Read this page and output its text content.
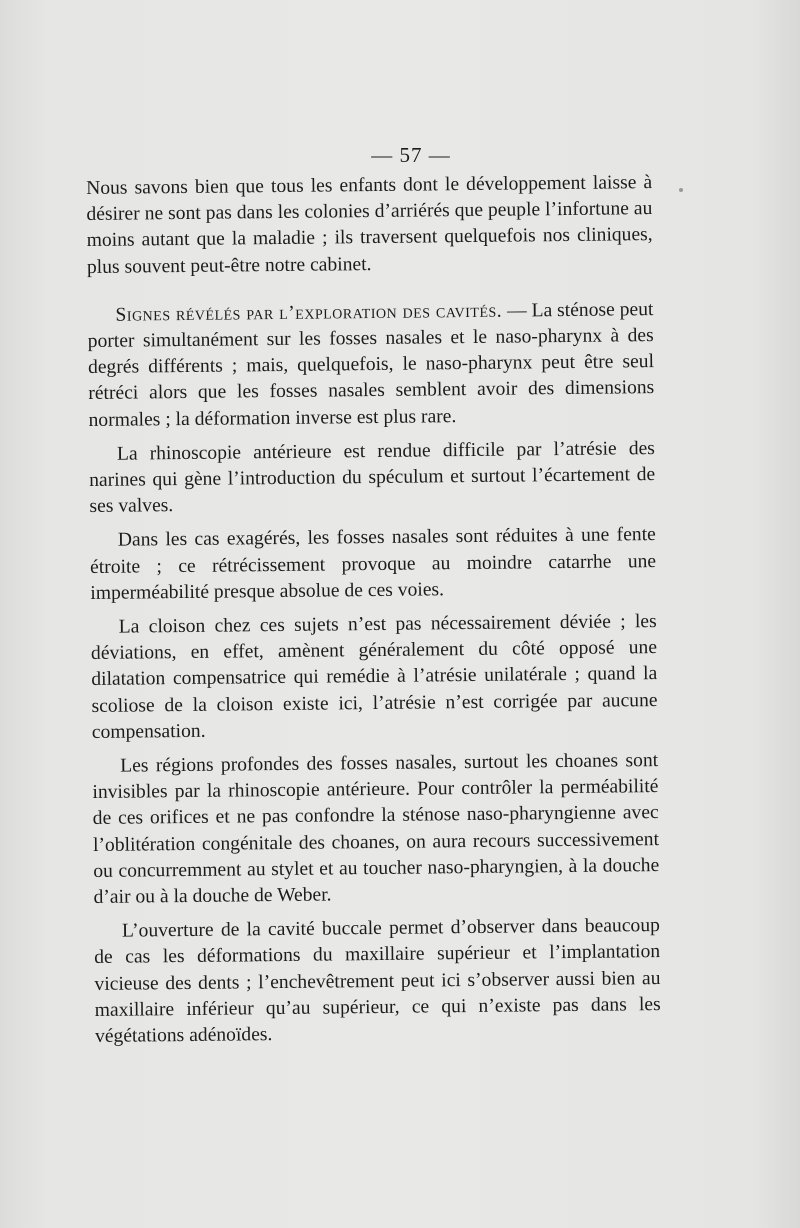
— 57 —

Nous savons bien que tous les enfants dont le développement laisse à désirer ne sont pas dans les colonies d’arriérés que peuple l’infortune au moins autant que la maladie ; ils traversent quelquefois nos cliniques, plus souvent peut-être notre cabinet.

Signes révélés par l’exploration des cavités. — La sténose peut porter simultanément sur les fosses nasales et le naso-pharynx à des degrés différents ; mais, quelquefois, le naso-pharynx peut être seul rétréci alors que les fosses nasales semblent avoir des dimensions normales ; la déformation inverse est plus rare.

La rhinoscopie antérieure est rendue difficile par l’atrésie des narines qui gène l’introduction du spéculum et surtout l’écartement de ses valves.

Dans les cas exagérés, les fosses nasales sont réduites à une fente étroite ; ce rétrécissement provoque au moindre catarrhe une imperméabilité presque absolue de ces voies.

La cloison chez ces sujets n’est pas nécessairement déviée ; les déviations, en effet, amènent généralement du côté opposé une dilatation compensatrice qui remédie à l’atrésie unilatérale ; quand la scoliose de la cloison existe ici, l’atrésie n’est corrigée par aucune compensation.

Les régions profondes des fosses nasales, surtout les choanes sont invisibles par la rhinoscopie antérieure. Pour contrôler la perméabilité de ces orifices et ne pas confondre la sténose naso-pharyngienne avec l’oblitération congénitale des choanes, on aura recours successivement ou concurremment au stylet et au toucher naso-pharyngien, à la douche d’air ou à la douche de Weber.

L’ouverture de la cavité buccale permet d’observer dans beaucoup de cas les déformations du maxillaire supérieur et l’implantation vicieuse des dents ; l’enchevêtrement peut ici s’observer aussi bien au maxillaire inférieur qu’au supérieur, ce qui n’existe pas dans les végétations adénoïdes.
